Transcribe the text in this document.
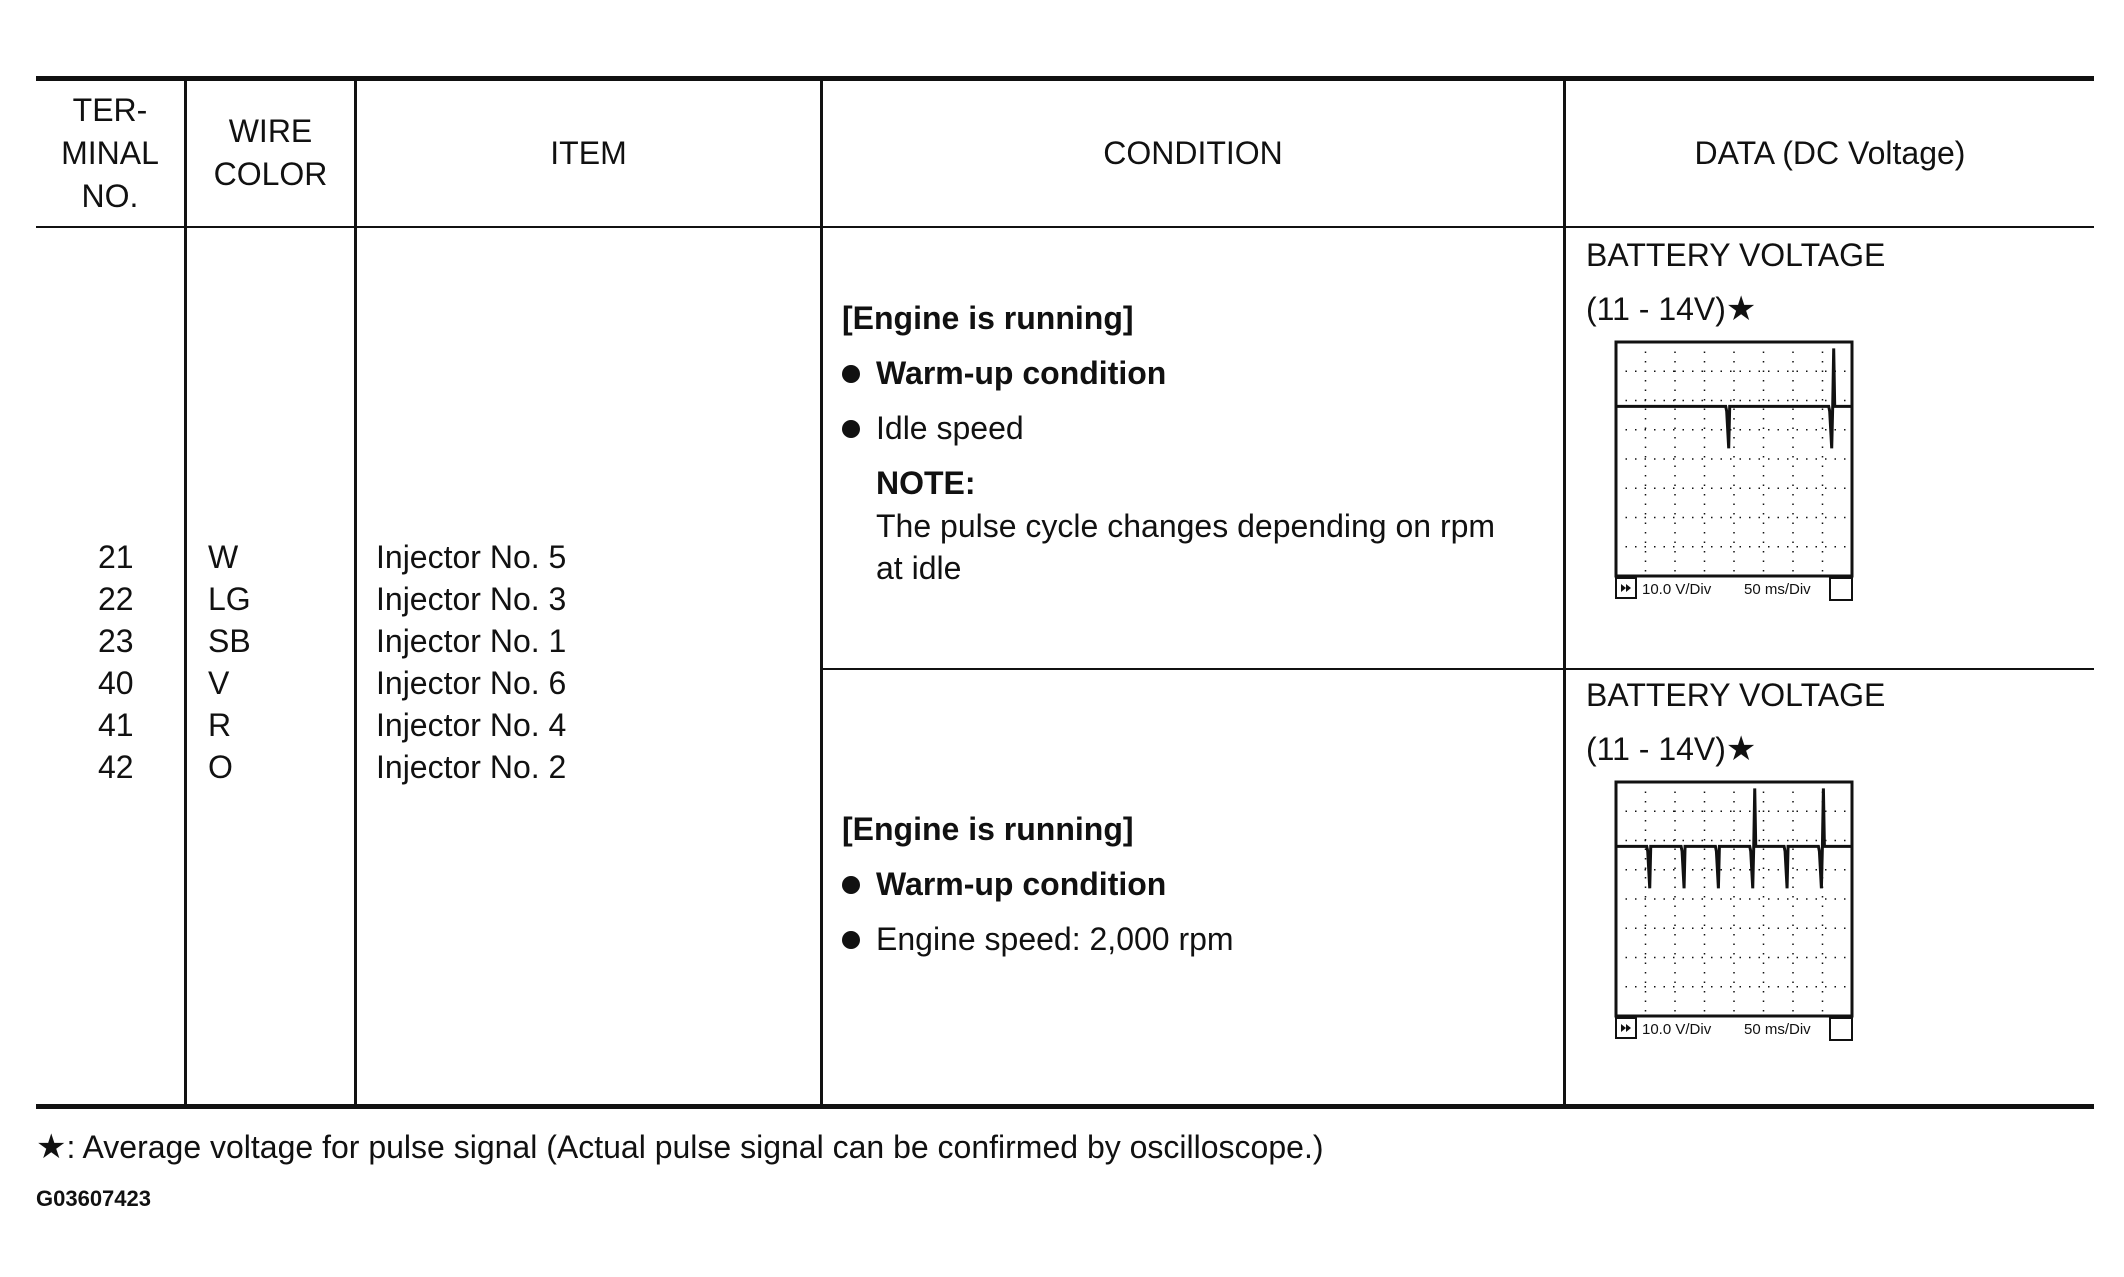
TER-
MINAL
NO.
WIRE
COLOR
ITEM	CONDITION	DATA (DC Voltage)
21
22
23
40
41
42
W
LG
SB
V
R
O
Injector No. 5
Injector No. 3
Injector No. 1
Injector No. 6
Injector No. 4
Injector No. 2
[Engine is running]
Warm-up condition
Idle speed
NOTE:
The pulse cycle changes depending on rpm
at idle
BATTERY VOLTAGE
(11 - 14V)★
10.0 V/Div 50 ms/Div
[Engine is running]
Warm-up condition
Engine speed: 2,000 rpm
BATTERY VOLTAGE
(11 - 14V)★
10.0 V/Div 50 ms/Div
★: Average voltage for pulse signal (Actual pulse signal can be confirmed by oscilloscope.)
G03607423
